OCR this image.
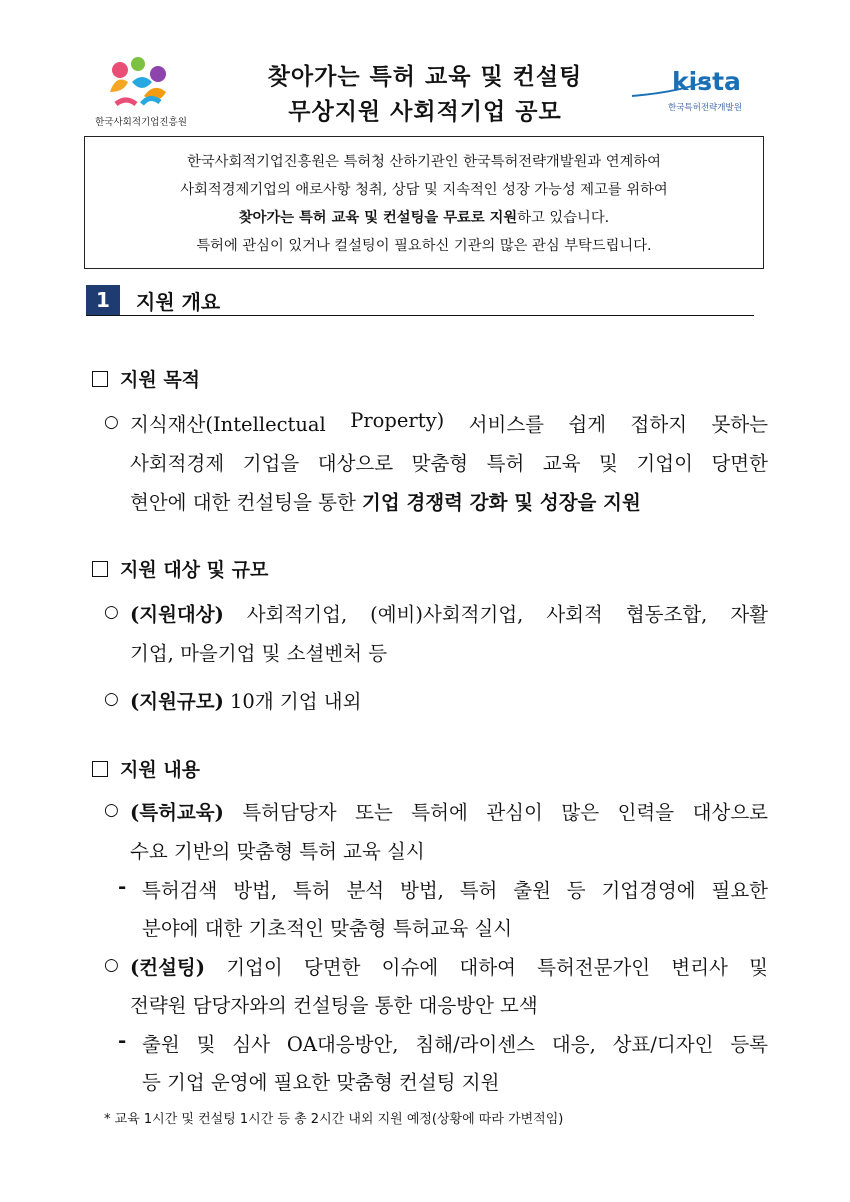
한국사회적기업진흥원
찾아가는 특허 교육 및 컨설팅
무상지원 사회적기업 공모
kista
한국특허전략개발원
한국사회적기업진흥원은 특허청 산하기관인 한국특허전략개발원과 연계하여
사회적경제기업의 애로사항 청취, 상담 및 지속적인 성장 가능성 제고를 위하여
찾아가는 특허 교육 및 컨설팅을 무료로 지원하고 있습니다.
특허에 관심이 있거나 컬설팅이 필요하신 기관의 많은 관심 부탁드립니다.
1	지원 개요
지원 목적
○ 지식재산(Intellectual Property) 서비스를 쉽게 접하지 못하는
사회적경제 기업을 대상으로 맞춤형 특허 교육 및 기업이 당면한
현안에 대한 컨설팅을 통한 기업 경쟁력 강화 및 성장을 지원
지원 대상 및 규모
○ (지원대상) 사회적기업, (예비)사회적기업, 사회적 협동조합, 자활
기업, 마을기업 및 소셜벤처 등
○ (지원규모) 10개 기업 내외
지원 내용
○ (특허교육) 특허담당자 또는 특허에 관심이 많은 인력을 대상으로
수요 기반의 맞춤형 특허 교육 실시
- 특허검색 방법, 특허 분석 방법, 특허 출원 등 기업경영에 필요한
분야에 대한 기초적인 맞춤형 특허교육 실시
○ (컨설팅) 기업이 당면한 이슈에 대하여 특허전문가인 변리사 및
전략원 담당자와의 컨설팅을 통한 대응방안 모색
- 출원 및 심사 OA대응방안, 침해/라이센스 대응, 상표/디자인 등록
등 기업 운영에 필요한 맞춤형 컨설팅 지원
* 교육 1시간 및 컨설팅 1시간 등 총 2시간 내외 지원 예정(상황에 따라 가변적임)
